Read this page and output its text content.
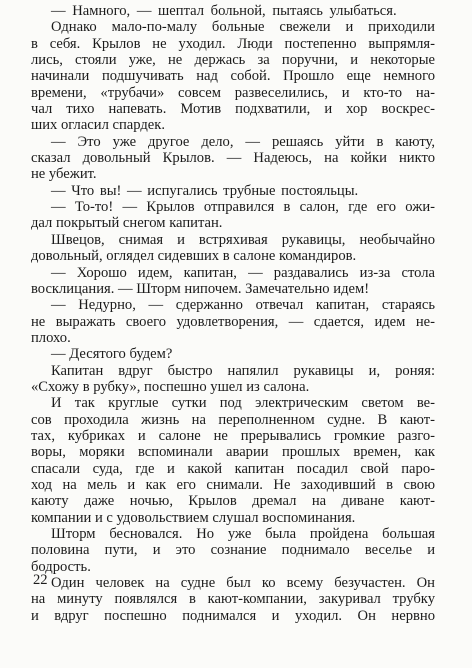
— Намного, — шептал больной, пытаясь улыбаться.
Однако мало-по-малу больные свежели и приходили
в себя. Крылов не уходил. Люди постепенно выпрямля-
лись, стояли уже, не держась за поручни, и некоторые
начинали подшучивать над собой. Прошло еще немного
времени, «трубачи» совсем развеселились, и кто-то на-
чал тихо напевать. Мотив подхватили, и хор воскрес-
ших огласил спардек.
— Это уже другое дело, — решаясь уйти в каюту,
сказал довольный Крылов. — Надеюсь, на койки никто
не убежит.
— Что вы! — испугались трубные постояльцы.
— То-то! — Крылов отправился в салон, где его ожи-
дал покрытый снегом капитан.
Швецов, снимая и встряхивая рукавицы, необычайно
довольный, оглядел сидевших в салоне командиров.
— Хорошо идем, капитан, — раздавались из-за стола
восклицания. — Шторм нипочем. Замечательно идем!
— Недурно, — сдержанно отвечал капитан, стараясь
не выражать своего удовлетворения, — сдается, идем не-
плохо.
— Десятого будем?
Капитан вдруг быстро напялил рукавицы и, роняя:
«Схожу в рубку», поспешно ушел из салона.
И так круглые сутки под электрическим светом ве-
сов проходила жизнь на переполненном судне. В кают-
тах, кубриках и салоне не прерывались громкие разго-
воры, моряки вспоминали аварии прошлых времен, как
спасали суда, где и какой капитан посадил свой паро-
ход на мель и как его снимали. Не заходивший в свою
каюту даже ночью, Крылов дремал на диване кают-
компании и с удовольствием слушал воспоминания.
Шторм бесновался. Но уже была пройдена большая
половина пути, и это сознание поднимало веселье и
бодрость.
Один человек на судне был ко всему безучастен. Он
на минуту появлялся в кают-компании, закуривал трубку
и вдруг поспешно поднимался и уходил. Он нервно
22
